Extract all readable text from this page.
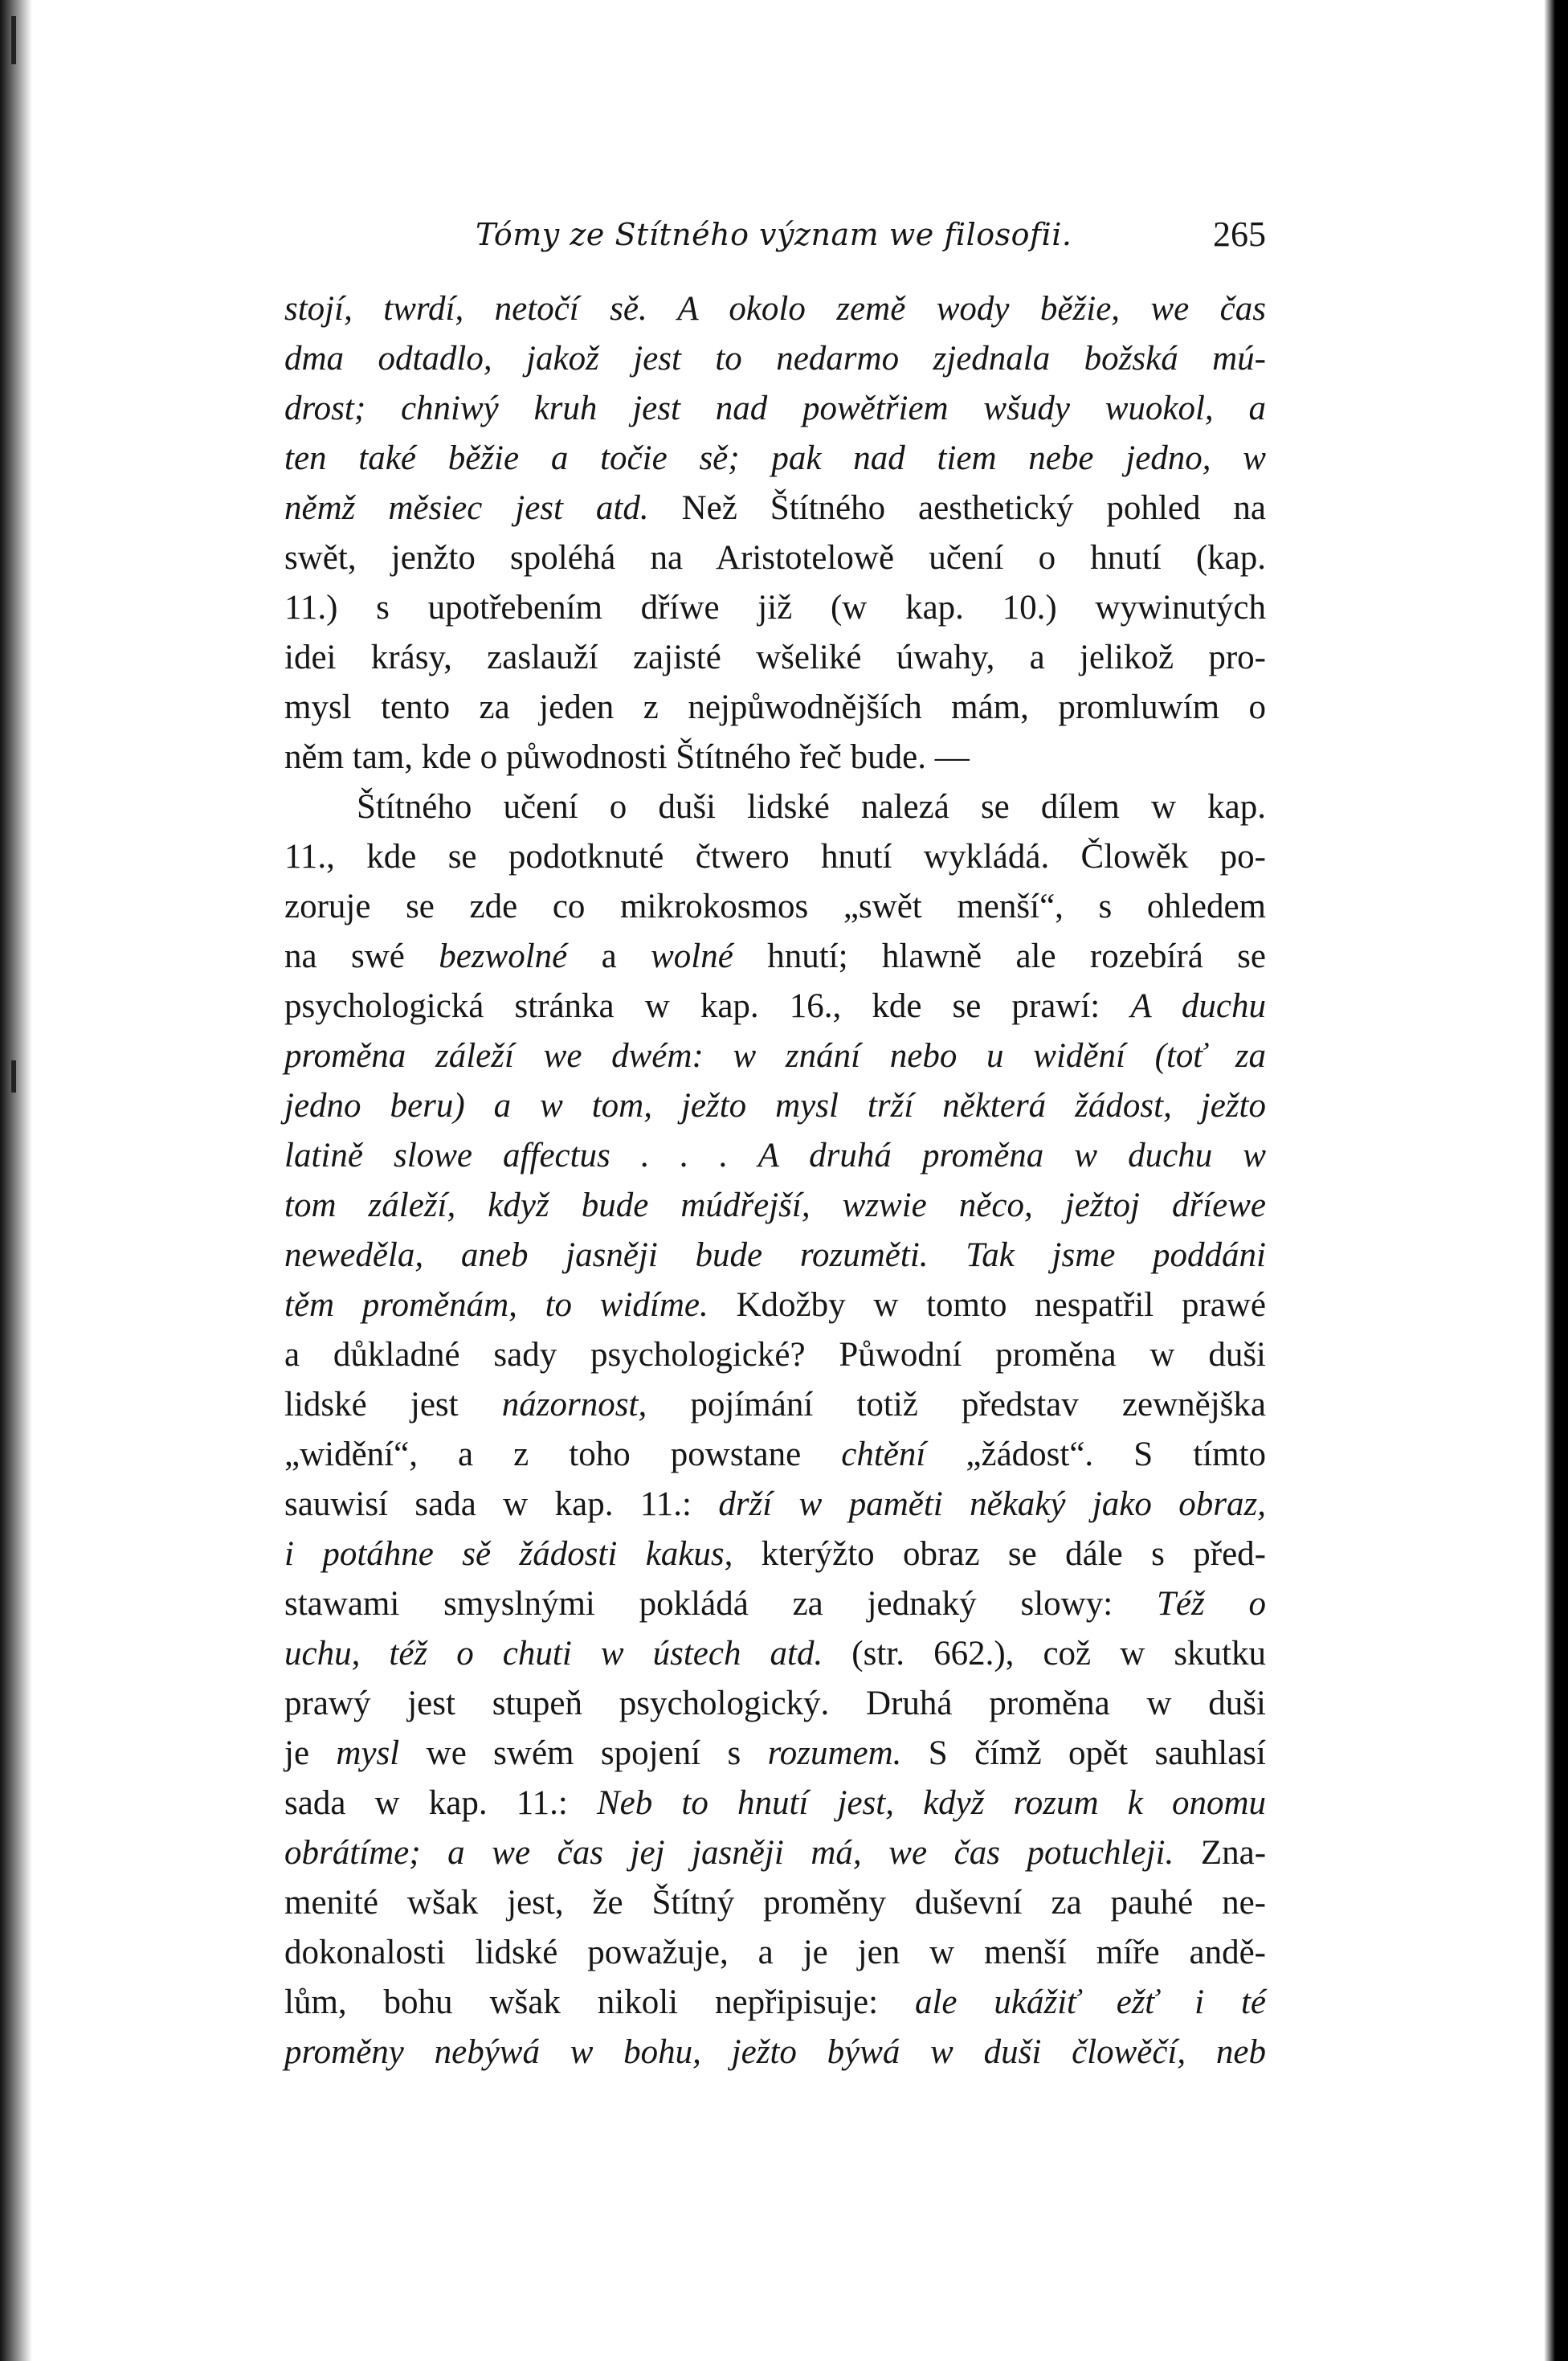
Tómy ze Stítného význam we filosofii.	265
stojí, twrdí, netočí sě. A okolo země wody běžie, we čas
dma odtadlo, jakož jest to nedarmo zjednala božská mú-
drost; chniwý kruh jest nad powětřiem wšudy wuokol, a
ten také běžie a točie sě; pak nad tiem nebe jedno, w
němž měsiec jest atd. Než Štítného aesthetický pohled na
swět, jenžto spoléhá na Aristotelowě učení o hnutí (kap.
11.) s upotřebením dříwe již (w kap. 10.) wywinutých
idei krásy, zaslauží zajisté wšeliké úwahy, a jelikož pro-
mysl tento za jeden z nejpůwodnějších mám, promluwím o
něm tam, kde o půwodnosti Štítného řeč bude. —
Štítného učení o duši lidské nalezá se dílem w kap.
11., kde se podotknuté čtwero hnutí wykládá. Člowěk po-
zoruje se zde co mikrokosmos „swět menší“, s ohledem
na swé bezwolné a wolné hnutí; hlawně ale rozebírá se
psychologická stránka w kap. 16., kde se prawí: A duchu
proměna záleží we dwém: w znání nebo u widění (toť za
jedno beru) a w tom, ježto mysl trží některá žádost, ježto
latině slowe affectus . . . A druhá proměna w duchu w
tom záleží, když bude múdřejší, wzwie něco, ježtoj dříewe
neweděla, aneb jasněji bude rozuměti. Tak jsme poddáni
těm proměnám, to widíme. Kdožby w tomto nespatřil prawé
a důkladné sady psychologické? Půwodní proměna w duši
lidské jest názornost, pojímání totiž představ zewnějška
„widění“, a z toho powstane chtění „žádost“. S tímto
sauwisí sada w kap. 11.: drží w paměti někaký jako obraz,
i potáhne sě žádosti kakus, kterýžto obraz se dále s před-
stawami smyslnými pokládá za jednaký slowy: Též o
uchu, též o chuti w ústech atd. (str. 662.), což w skutku
prawý jest stupeň psychologický. Druhá proměna w duši
je mysl we swém spojení s rozumem. S čímž opět sauhlasí
sada w kap. 11.: Neb to hnutí jest, když rozum k onomu
obrátíme; a we čas jej jasněji má, we čas potuchleji. Zna-
menité wšak jest, že Štítný proměny duševní za pauhé ne-
dokonalosti lidské powažuje, a je jen w menší míře andě-
lům, bohu wšak nikoli nepřipisuje: ale ukážiť ežť i té
proměny nebýwá w bohu, ježto býwá w duši člowěčí, neb
